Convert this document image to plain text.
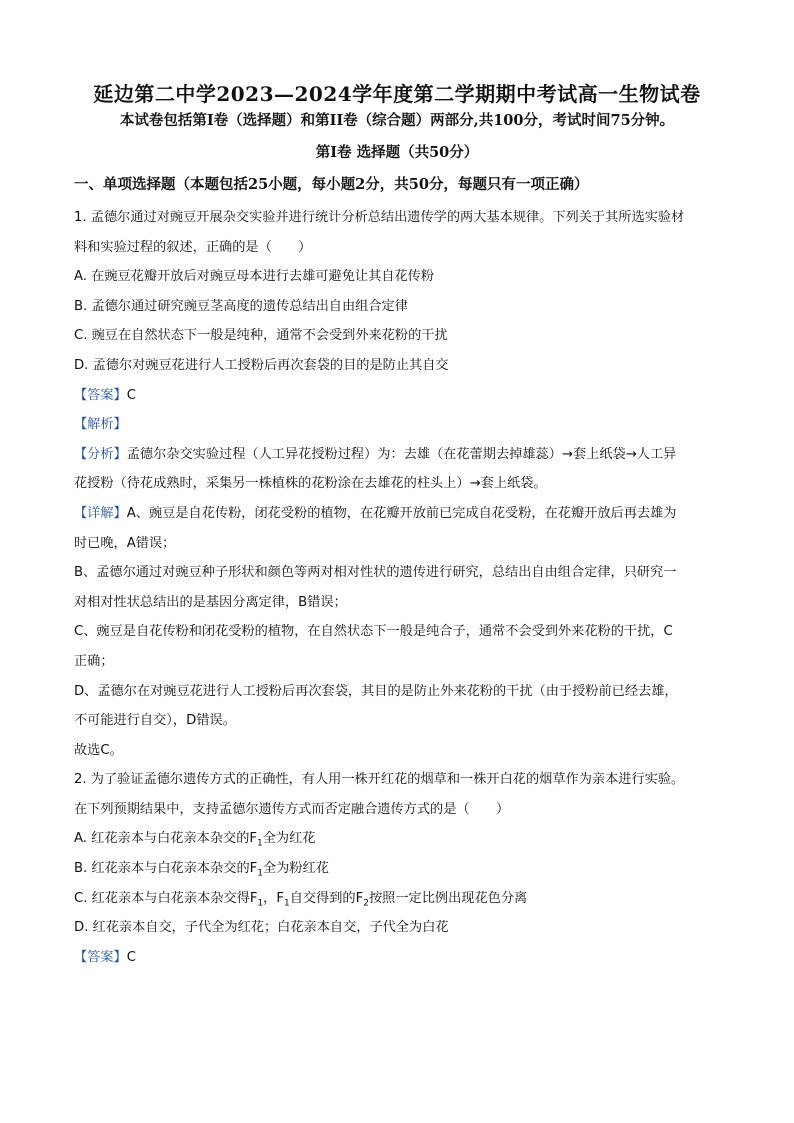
延边第二中学2023—2024学年度第二学期期中考试高一生物试卷
本试卷包括第I卷（选择题）和第II卷（综合题）两部分,共100分，考试时间75分钟。
第I卷 选择题（共50分）
一、单项选择题（本题包括25小题，每小题2分，共50分，每题只有一项正确）
1. 孟德尔通过对豌豆开展杂交实验并进行统计分析总结出遗传学的两大基本规律。下列关于其所选实验材
料和实验过程的叙述，正确的是（　　）
A. 在豌豆花瓣开放后对豌豆母本进行去雄可避免让其自花传粉
B. 孟德尔通过研究豌豆茎高度的遗传总结出自由组合定律
C. 豌豆在自然状态下一般是纯种，通常不会受到外来花粉的干扰
D. 孟德尔对豌豆花进行人工授粉后再次套袋的目的是防止其自交
【答案】C
【解析】
【分析】孟德尔杂交实验过程（人工异花授粉过程）为：去雄（在花蕾期去掉雄蕊）→套上纸袋→人工异
花授粉（待花成熟时，采集另一株植株的花粉涂在去雄花的柱头上）→套上纸袋。
【详解】A、豌豆是自花传粉，闭花受粉的植物，在花瓣开放前已完成自花受粉，在花瓣开放后再去雄为
时已晚，A错误；
B、孟德尔通过对豌豆种子形状和颜色等两对相对性状的遗传进行研究，总结出自由组合定律，只研究一
对相对性状总结出的是基因分离定律，B错误；
C、豌豆是自花传粉和闭花受粉的植物，在自然状态下一般是纯合子，通常不会受到外来花粉的干扰，C
正确；
D、孟德尔在对豌豆花进行人工授粉后再次套袋，其目的是防止外来花粉的干扰（由于授粉前已经去雄，
不可能进行自交），D错误。
故选C。
2. 为了验证孟德尔遗传方式的正确性，有人用一株开红花的烟草和一株开白花的烟草作为亲本进行实验。
在下列预期结果中，支持孟德尔遗传方式而否定融合遗传方式的是（　　）
A. 红花亲本与白花亲本杂交的$F_1$全为红花
B. 红花亲本与白花亲本杂交的$F_1$全为粉红花
C. 红花亲本与白花亲本杂交得$F_1$，$F_1$自交得到的$F_2$按照一定比例出现花色分离
D. 红花亲本自交，子代全为红花；白花亲本自交，子代全为白花
【答案】C
